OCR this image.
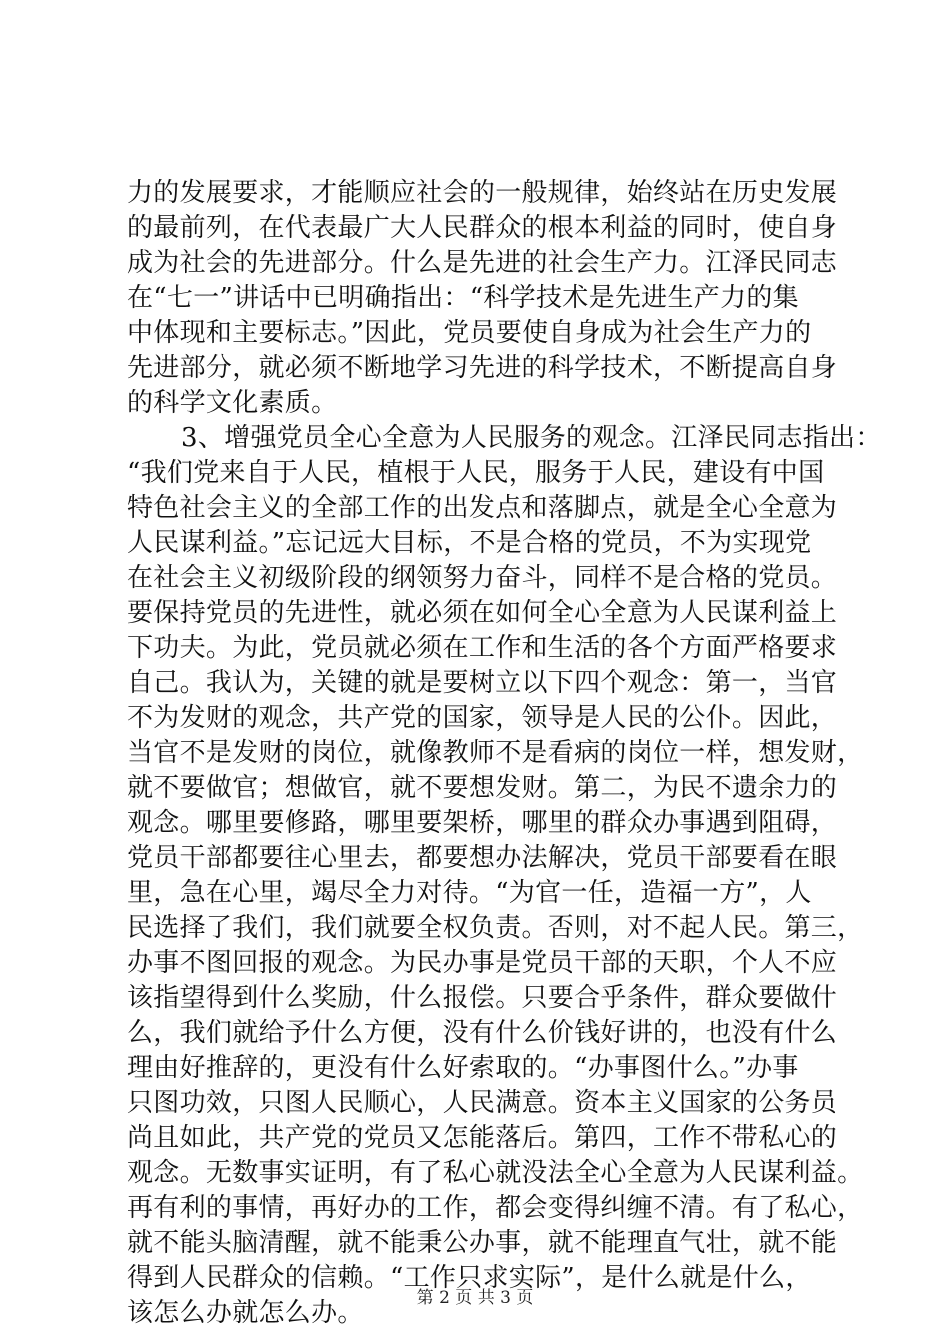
力的发展要求，才能顺应社会的一般规律，始终站在历史发展
的最前列，在代表最广大人民群众的根本利益的同时，使自身
成为社会的先进部分。什么是先进的社会生产力。江泽民同志
在“七一”讲话中已明确指出：“科学技术是先进生产力的集
中体现和主要标志。”因此，党员要使自身成为社会生产力的
先进部分，就必须不断地学习先进的科学技术，不断提高自身
的科学文化素质。
3、增强党员全心全意为人民服务的观念。江泽民同志指出：
“我们党来自于人民，植根于人民，服务于人民，建设有中国
特色社会主义的全部工作的出发点和落脚点，就是全心全意为
人民谋利益。”忘记远大目标，不是合格的党员，不为实现党
在社会主义初级阶段的纲领努力奋斗，同样不是合格的党员。
要保持党员的先进性，就必须在如何全心全意为人民谋利益上
下功夫。为此，党员就必须在工作和生活的各个方面严格要求
自己。我认为，关键的就是要树立以下四个观念：第一，当官
不为发财的观念，共产党的国家，领导是人民的公仆。因此，
当官不是发财的岗位，就像教师不是看病的岗位一样，想发财，
就不要做官；想做官，就不要想发财。第二，为民不遗余力的
观念。哪里要修路，哪里要架桥，哪里的群众办事遇到阻碍，
党员干部都要往心里去，都要想办法解决，党员干部要看在眼
里，急在心里，竭尽全力对待。“为官一任，造福一方”，人
民选择了我们，我们就要全权负责。否则，对不起人民。第三，
办事不图回报的观念。为民办事是党员干部的天职，个人不应
该指望得到什么奖励，什么报偿。只要合乎条件，群众要做什
么，我们就给予什么方便，没有什么价钱好讲的，也没有什么
理由好推辞的，更没有什么好索取的。“办事图什么。”办事
只图功效，只图人民顺心，人民满意。资本主义国家的公务员
尚且如此，共产党的党员又怎能落后。第四，工作不带私心的
观念。无数事实证明，有了私心就没法全心全意为人民谋利益。
再有利的事情，再好办的工作，都会变得纠缠不清。有了私心，
就不能头脑清醒，就不能秉公办事，就不能理直气壮，就不能
得到人民群众的信赖。“工作只求实际”，是什么就是什么，
该怎么办就怎么办。	第 2 页 共 3 页
